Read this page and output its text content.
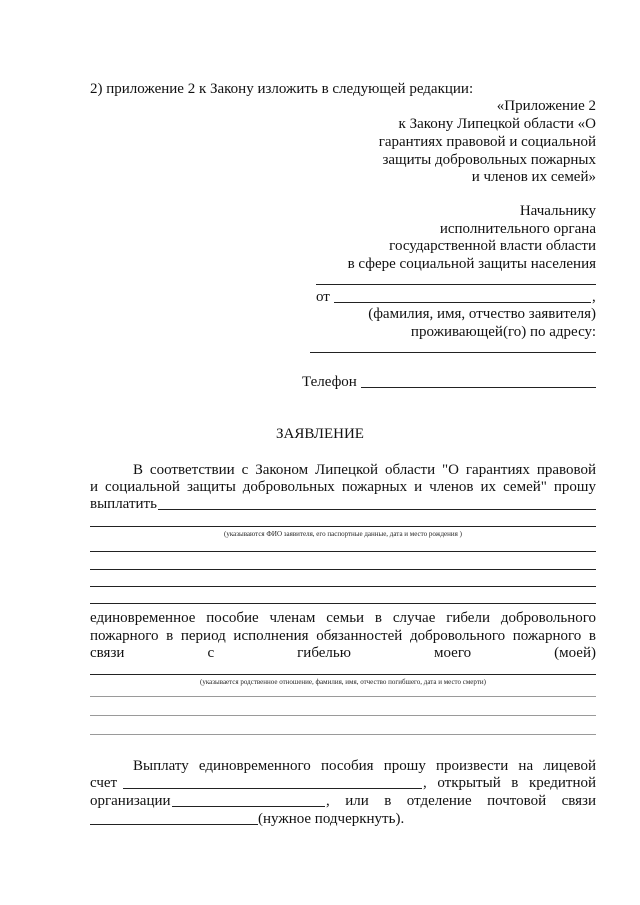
2) приложение 2 к Закону изложить в следующей редакции:
«Приложение 2
к Закону Липецкой области «О
гарантиях правовой и социальной
защиты добровольных пожарных
и членов их семей»
Начальнику
исполнительного органа
государственной власти области
в сфере социальной защиты населения
от	,
(фамилия, имя, отчество заявителя)
проживающей(го) по адресу:
Телефон
ЗАЯВЛЕНИЕ
В соответствии с Законом Липецкой области "О гарантиях правовой
и социальной защиты добровольных пожарных и членов их семей" прошу
выплатить
(указываются ФИО заявителя, его паспортные данные, дата и место рождения )
единовременное пособие членам семьи в случае гибели добровольного
пожарного в период исполнения обязанностей добровольного пожарного в
связи	с	гибелью	моего	(моей)
(указывается родственное отношение, фамилия, имя, отчество погибшего, дата и место смерти)
Выплату единовременного пособия прошу произвести на лицевой
счет	, открытый в кредитной
организации	, или в отделение почтовой связи
(нужное подчеркнуть).
